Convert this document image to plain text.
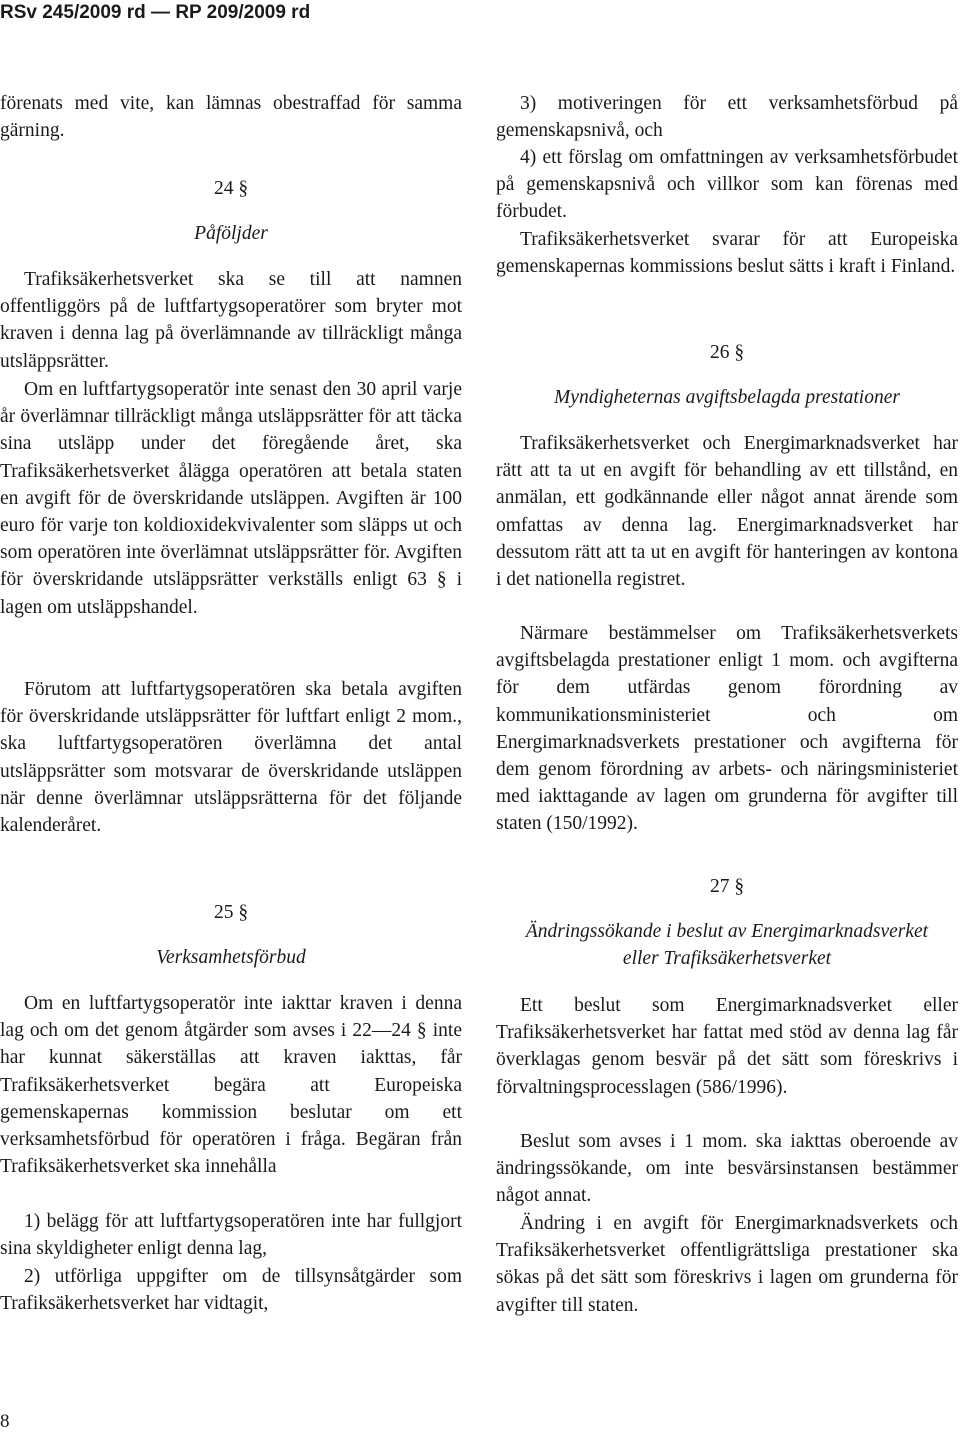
RSv 245/2009 rd — RP 209/2009 rd

förenats med vite, kan lämnas obestraffad för samma gärning.

24 §

Påföljder

Trafiksäkerhetsverket ska se till att namnen offentliggörs på de luftfartygsoperatörer som bryter mot kraven i denna lag på överlämnande av tillräckligt många utsläppsrätter.

Om en luftfartygsoperatör inte senast den 30 april varje år överlämnar tillräckligt många utsläppsrätter för att täcka sina utsläpp under det föregående året, ska Trafiksäkerhetsverket ålägga operatören att betala staten en avgift för de överskridande utsläppen. Avgiften är 100 euro för varje ton koldioxidekvivalenter som släpps ut och som operatören inte överlämnat utsläppsrätter för. Avgiften för överskridande utsläppsrätter verkställs enligt 63 § i lagen om utsläppshandel.

Förutom att luftfartygsoperatören ska betala avgiften för överskridande utsläppsrätter för luftfart enligt 2 mom., ska luftfartygsoperatören överlämna det antal utsläppsrätter som motsvarar de överskridande utsläppen när denne överlämnar utsläppsrätterna för det följande kalenderåret.

25 §

Verksamhetsförbud

Om en luftfartygsoperatör inte iakttar kraven i denna lag och om det genom åtgärder som avses i 22—24 § inte har kunnat säkerställas att kraven iakttas, får Trafiksäkerhetsverket begära att Europeiska gemenskapernas kommission beslutar om ett verksamhetsförbud för operatören i fråga. Begäran från Trafiksäkerhetsverket ska innehålla

1) belägg för att luftfartygsoperatören inte har fullgjort sina skyldigheter enligt denna lag,

2) utförliga uppgifter om de tillsynsåtgärder som Trafiksäkerhetsverket har vidtagit,

3) motiveringen för ett verksamhetsförbud på gemenskapsnivå, och

4) ett förslag om omfattningen av verksamhetsförbudet på gemenskapsnivå och villkor som kan förenas med förbudet.

Trafiksäkerhetsverket svarar för att Europeiska gemenskapernas kommissions beslut sätts i kraft i Finland.

26 §

Myndigheternas avgiftsbelagda prestationer

Trafiksäkerhetsverket och Energimarknadsverket har rätt att ta ut en avgift för behandling av ett tillstånd, en anmälan, ett godkännande eller något annat ärende som omfattas av denna lag. Energimarknadsverket har dessutom rätt att ta ut en avgift för hanteringen av kontona i det nationella registret.

Närmare bestämmelser om Trafiksäkerhetsverkets avgiftsbelagda prestationer enligt 1 mom. och avgifterna för dem utfärdas genom förordning av kommunikationsministeriet och om Energimarknadsverkets prestationer och avgifterna för dem genom förordning av arbets- och näringsministeriet med iakttagande av lagen om grunderna för avgifter till staten (150/1992).

27 §

Ändringssökande i beslut av Energimarknadsverket eller Trafiksäkerhetsverket

Ett beslut som Energimarknadsverket eller Trafiksäkerhetsverket har fattat med stöd av denna lag får överklagas genom besvär på det sätt som föreskrivs i förvaltningsprocesslagen (586/1996).

Beslut som avses i 1 mom. ska iakttas oberoende av ändringssökande, om inte besvärsinstansen bestämmer något annat.

Ändring i en avgift för Energimarknadsverkets och Trafiksäkerhetsverket offentligrättsliga prestationer ska sökas på det sätt som föreskrivs i lagen om grunderna för avgifter till staten.

8
